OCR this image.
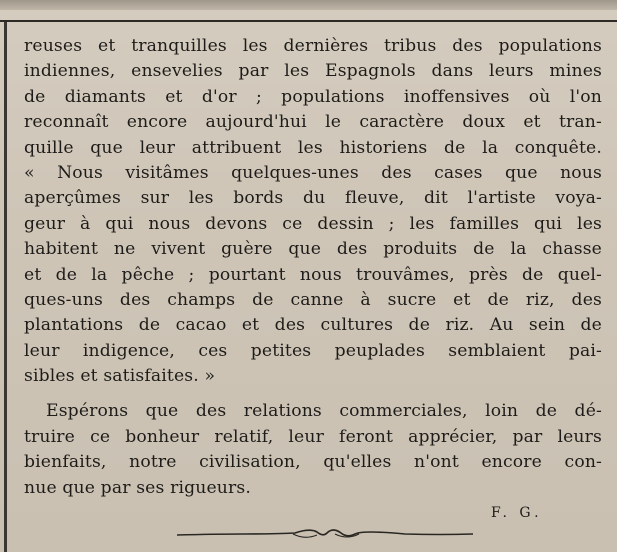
reuses et tranquilles les dernières tribus des populations
indiennes, ensevelies par les Espagnols dans leurs mines
de diamants et d'or ; populations inoffensives où l'on
reconnaît encore aujourd'hui le caractère doux et tran-
quille que leur attribuent les historiens de la conquête.
« Nous visitâmes quelques-unes des cases que nous
aperçûmes sur les bords du fleuve, dit l'artiste voya-
geur à qui nous devons ce dessin ; les familles qui les
habitent ne vivent guère que des produits de la chasse
et de la pêche ; pourtant nous trouvâmes, près de quel-
ques-uns des champs de canne à sucre et de riz, des
plantations de cacao et des cultures de riz. Au sein de
leur indigence, ces petites peuplades semblaient pai-
sibles et satisfaites. »
Espérons que des relations commerciales, loin de dé-
truire ce bonheur relatif, leur feront apprécier, par leurs
bienfaits, notre civilisation, qu'elles n'ont encore con-
nue que par ses rigueurs.
F. G.
